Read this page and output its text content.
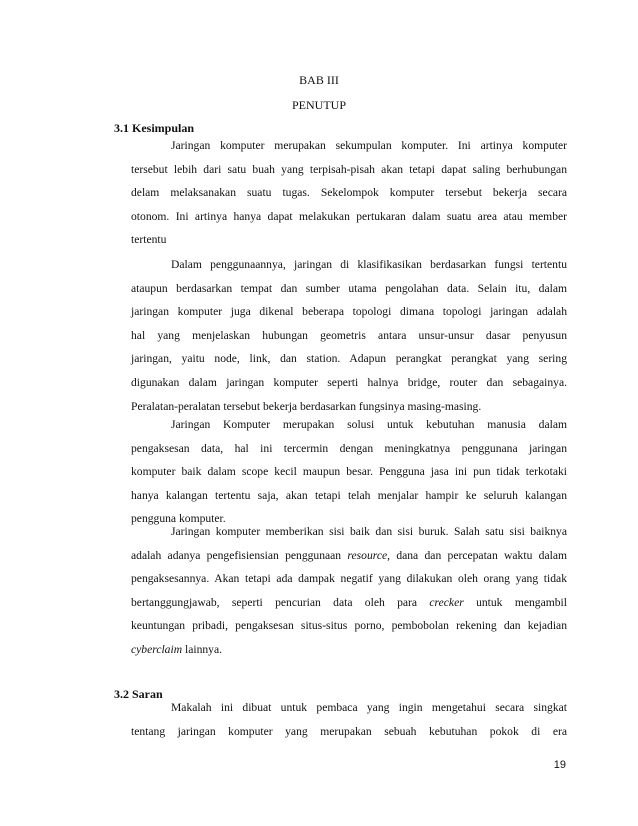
BAB III
PENUTUP
3.1 Kesimpulan
Jaringan komputer merupakan sekumpulan komputer. Ini artinya komputer
tersebut lebih dari satu buah yang terpisah-pisah akan tetapi dapat saling berhubungan
delam melaksanakan suatu tugas. Sekelompok komputer tersebut bekerja secara
otonom. Ini artinya hanya dapat melakukan pertukaran dalam suatu area atau member
tertentu
Dalam penggunaannya, jaringan di klasifikasikan berdasarkan fungsi tertentu
ataupun berdasarkan tempat dan sumber utama pengolahan data. Selain itu, dalam
jaringan komputer juga dikenal beberapa topologi dimana topologi jaringan adalah
hal yang menjelaskan hubungan geometris antara unsur-unsur dasar penyusun
jaringan, yaitu node, link, dan station. Adapun perangkat perangkat yang sering
digunakan dalam jaringan komputer seperti halnya bridge, router dan sebagainya.
Peralatan-peralatan tersebut bekerja berdasarkan fungsinya masing-masing.
Jaringan Komputer merupakan solusi untuk kebutuhan manusia dalam
pengaksesan data, hal ini tercermin dengan meningkatnya penggunana jaringan
komputer baik dalam scope kecil maupun besar. Pengguna jasa ini pun tidak terkotaki
hanya kalangan tertentu saja, akan tetapi telah menjalar hampir ke seluruh kalangan
pengguna komputer.
Jaringan komputer memberikan sisi baik dan sisi buruk. Salah satu sisi baiknya
adalah adanya pengefisiensian penggunaan resource, dana dan percepatan waktu dalam
pengaksesannya. Akan tetapi ada dampak negatif yang dilakukan oleh orang yang tidak
bertanggungjawab, seperti pencurian data oleh para crecker untuk mengambil
keuntungan pribadi, pengaksesan situs-situs porno, pembobolan rekening dan kejadian
cyberclaim lainnya.
3.2 Saran
Makalah ini dibuat untuk pembaca yang ingin mengetahui secara singkat
tentang jaringan komputer yang merupakan sebuah kebutuhan pokok di era
19
